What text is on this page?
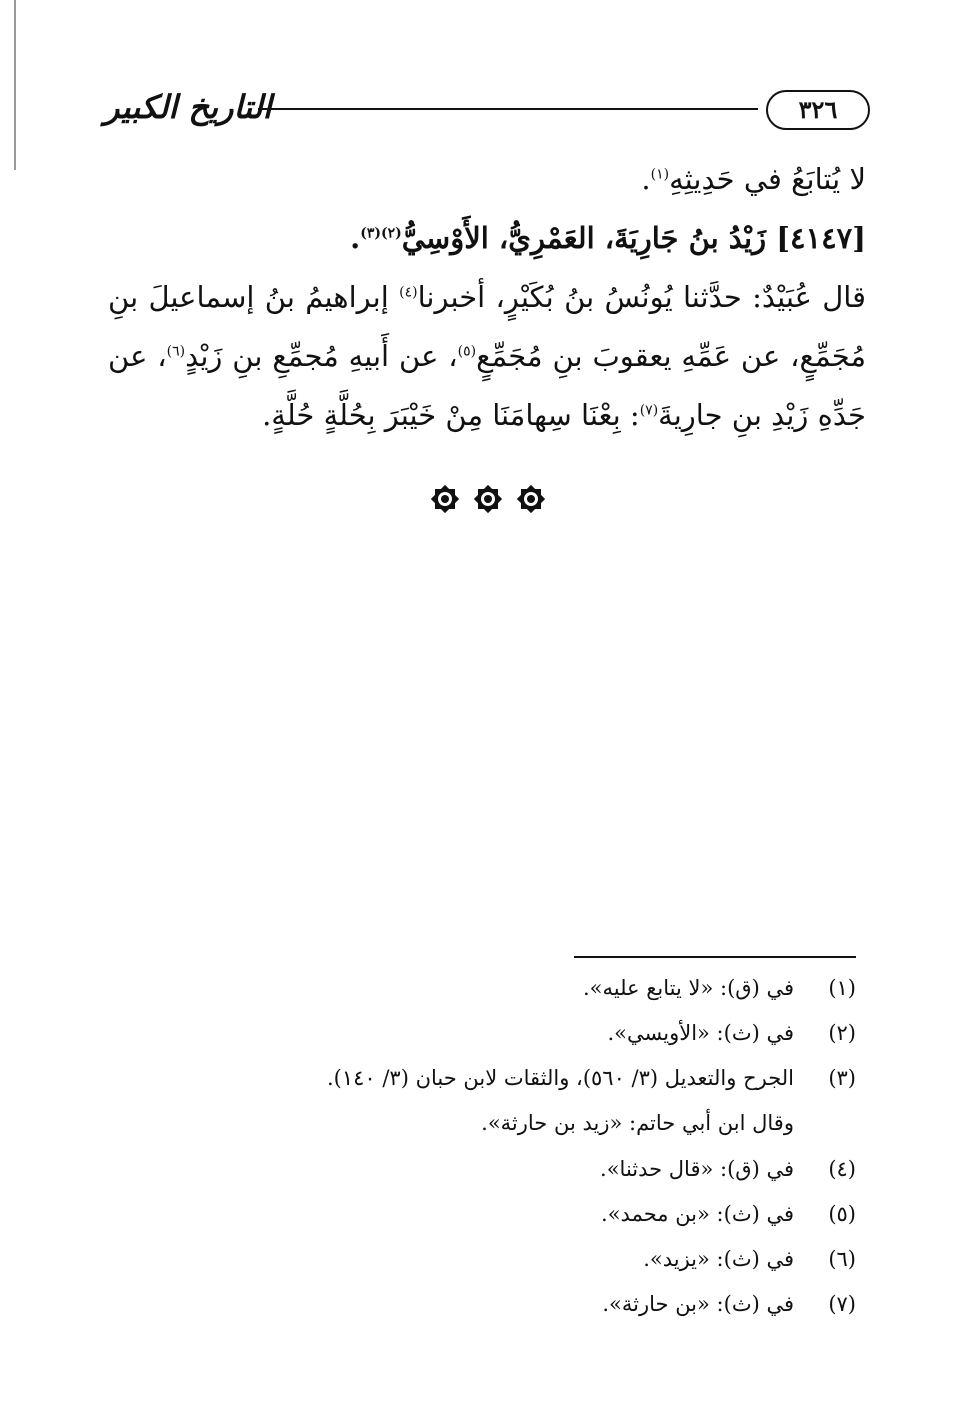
٣٢٦
التاريخ الكبير

لا يُتابَعُ في حَدِيثِهِ$^{(١)}$.

[٤١٤٧] زَيْدُ بنُ جَارِيَةَ، العَمْرِيُّ، الأَوْسِيُّ$^{(٢)(٣)}$.

قال عُبَيْدٌ: حدَّثنا يُونُسُ بنُ بُكَيْرٍ، أخبرنا$^{(٤)}$ إبراهيمُ بنُ إسماعيلَ بنِ مُجَمِّعٍ، عن عَمِّهِ يعقوبَ بنِ مُجَمِّعٍ$^{(٥)}$، عن أَبيهِ مُجمِّعِ بنِ زَيْدٍ$^{(٦)}$، عن جَدِّهِ زَيْدِ بنِ جارِيةَ$^{(٧)}$: بِعْنَا سِهامَنَا مِنْ خَيْبَرَ بِحُلَّةٍ حُلَّةٍ.

(١)
في (ق): «لا يتابع عليه».
(٢)
في (ث): «الأويسي».
(٣)
الجرح والتعديل (٣/ ٥٦٠)، والثقات لابن حبان (٣/ ١٤٠).
وقال ابن أبي حاتم: «زيد بن حارثة».
(٤)
في (ق): «قال حدثنا».
(٥)
في (ث): «بن محمد».
(٦)
في (ث): «يزيد».
(٧)
في (ث): «بن حارثة».
